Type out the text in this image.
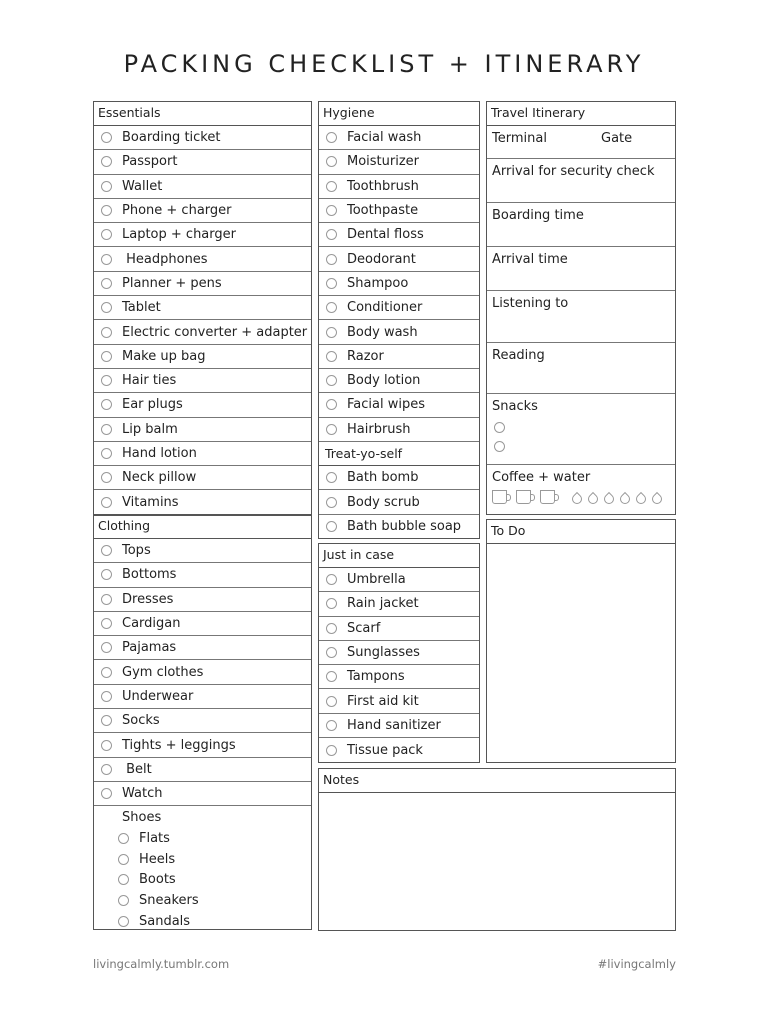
PACKING CHECKLIST + ITINERARY
Essentials
Boarding ticket
Passport
Wallet
Phone + charger
Laptop + charger
Headphones
Planner + pens
Tablet
Electric converter + adapter
Make up bag
Hair ties
Ear plugs
Lip balm
Hand lotion
Neck pillow
Vitamins
Clothing
Tops
Bottoms
Dresses
Cardigan
Pajamas
Gym clothes
Underwear
Socks
Tights + leggings
Belt
Watch
Shoes
Flats
Heels
Boots
Sneakers
Sandals
Hygiene
Facial wash
Moisturizer
Toothbrush
Toothpaste
Dental floss
Deodorant
Shampoo
Conditioner
Body wash
Razor
Body lotion
Facial wipes
Hairbrush
Treat-yo-self
Bath bomb
Body scrub
Bath bubble soap
Just in case
Umbrella
Rain jacket
Scarf
Sunglasses
Tampons
First aid kit
Hand sanitizer
Tissue pack
Travel Itinerary
Terminal	Gate
Arrival for security check
Boarding time
Arrival time
Listening to
Reading
Snacks
Coffee + water
To Do
Notes
livingcalmly.tumblr.com	#livingcalmly
